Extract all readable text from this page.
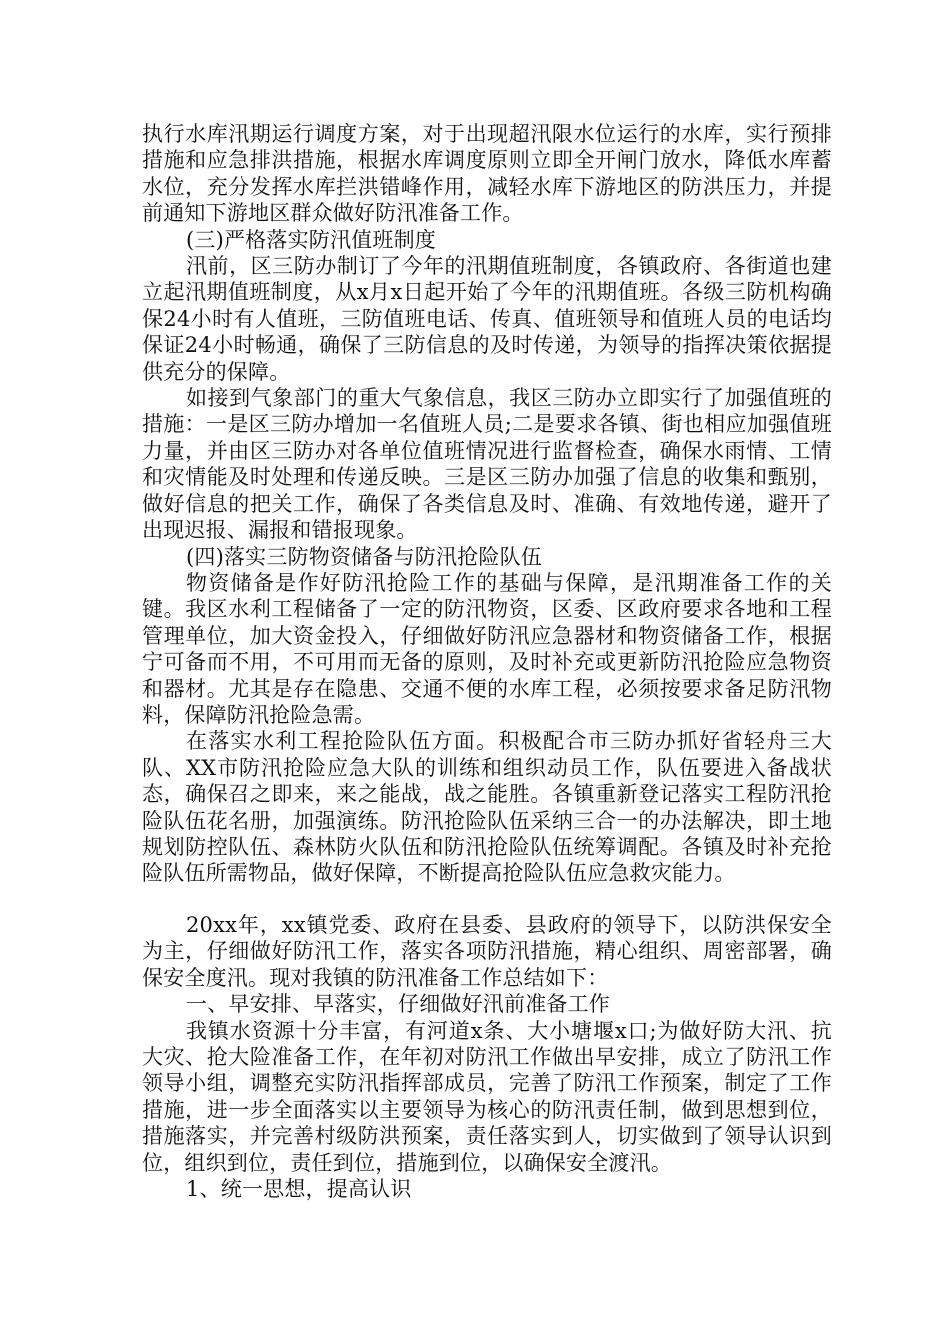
执行水库汛期运行调度方案，对于出现超汛限水位运行的水库，实行预排措施和应急排洪措施，根据水库调度原则立即全开闸门放水，降低水库蓄水位，充分发挥水库拦洪错峰作用，减轻水库下游地区的防洪压力，并提前通知下游地区群众做好防汛准备工作。

(三)严格落实防汛值班制度

汛前，区三防办制订了今年的汛期值班制度，各镇政府、各街道也建立起汛期值班制度，从x月x日起开始了今年的汛期值班。各级三防机构确保24小时有人值班，三防值班电话、传真、值班领导和值班人员的电话均保证24小时畅通，确保了三防信息的及时传递，为领导的指挥决策依据提供充分的保障。

如接到气象部门的重大气象信息，我区三防办立即实行了加强值班的措施：一是区三防办增加一名值班人员;二是要求各镇、街也相应加强值班力量，并由区三防办对各单位值班情况进行监督检查，确保水雨情、工情和灾情能及时处理和传递反映。三是区三防办加强了信息的收集和甄别，做好信息的把关工作，确保了各类信息及时、准确、有效地传递，避开了出现迟报、漏报和错报现象。

(四)落实三防物资储备与防汛抢险队伍

物资储备是作好防汛抢险工作的基础与保障，是汛期准备工作的关键。我区水利工程储备了一定的防汛物资，区委、区政府要求各地和工程管理单位，加大资金投入，仔细做好防汛应急器材和物资储备工作，根据宁可备而不用，不可用而无备的原则，及时补充或更新防汛抢险应急物资和器材。尤其是存在隐患、交通不便的水库工程，必须按要求备足防汛物料，保障防汛抢险急需。

在落实水利工程抢险队伍方面。积极配合市三防办抓好省轻舟三大队、XX市防汛抢险应急大队的训练和组织动员工作，队伍要进入备战状态，确保召之即来，来之能战，战之能胜。各镇重新登记落实工程防汛抢险队伍花名册，加强演练。防汛抢险队伍采纳三合一的办法解决，即土地规划防控队伍、森林防火队伍和防汛抢险队伍统筹调配。各镇及时补充抢险队伍所需物品，做好保障，不断提高抢险队伍应急救灾能力。

20xx年，xx镇党委、政府在县委、县政府的领导下，以防洪保安全为主，仔细做好防汛工作，落实各项防汛措施，精心组织、周密部署，确保安全度汛。现对我镇的防汛准备工作总结如下：

一、早安排、早落实，仔细做好汛前准备工作

我镇水资源十分丰富，有河道x条、大小塘堰x口;为做好防大汛、抗大灾、抢大险准备工作，在年初对防汛工作做出早安排，成立了防汛工作领导小组，调整充实防汛指挥部成员，完善了防汛工作预案，制定了工作措施，进一步全面落实以主要领导为核心的防汛责任制，做到思想到位，措施落实，并完善村级防洪预案，责任落实到人，切实做到了领导认识到位，组织到位，责任到位，措施到位，以确保安全渡汛。

1、统一思想，提高认识
